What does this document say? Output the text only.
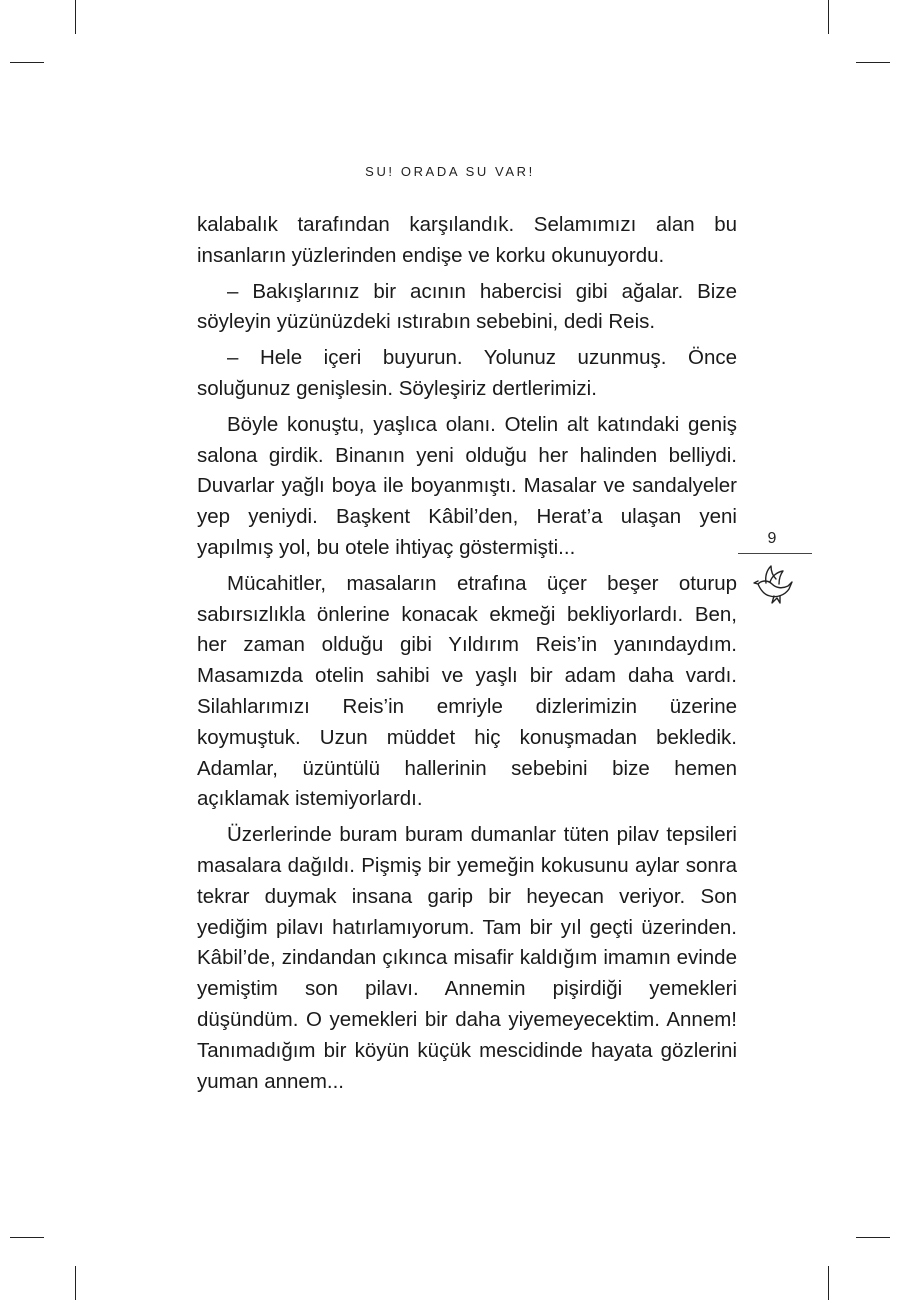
SU! ORADA SU VAR!

kalabalık tarafından karşılandık. Selamımızı alan bu insanların yüzlerinden endişe ve korku okunuyordu.

– Bakışlarınız bir acının habercisi gibi ağalar. Bize söyleyin yüzünüzdeki ıstırabın sebebini, dedi Reis.

– Hele içeri buyurun. Yolunuz uzunmuş. Önce soluğunuz genişlesin. Söyleşiriz dertlerimizi.

Böyle konuştu, yaşlıca olanı. Otelin alt katındaki geniş salona girdik. Binanın yeni olduğu her halinden belliydi. Duvarlar yağlı boya ile boyanmıştı. Masalar ve sandalyeler yep yeniydi. Başkent Kâbil’den, Herat’a ulaşan yeni yapılmış yol, bu otele ihtiyaç göstermişti...

Mücahitler, masaların etrafına üçer beşer oturup sabırsızlıkla önlerine konacak ekmeği bekliyorlardı. Ben, her zaman olduğu gibi Yıldırım Reis’in yanındaydım. Masamızda otelin sahibi ve yaşlı bir adam daha vardı. Silahlarımızı Reis’in emriyle dizlerimizin üzerine koymuştuk. Uzun müddet hiç konuşmadan bekledik. Adamlar, üzüntülü hallerinin sebebini bize hemen açıklamak istemiyorlardı.

Üzerlerinde buram buram dumanlar tüten pilav tepsileri masalara dağıldı. Pişmiş bir yemeğin kokusunu aylar sonra tekrar duymak insana garip bir heyecan veriyor. Son yediğim pilavı hatırlamıyorum. Tam bir yıl geçti üzerinden. Kâbil’de, zindandan çıkınca misafir kaldığım imamın evinde yemiştim son pilavı. Annemin pişirdiği yemekleri düşündüm. O yemekleri bir daha yiyemeyecektim. Annem! Tanımadığım bir köyün küçük mescidinde hayata gözlerini yuman annem...

9
